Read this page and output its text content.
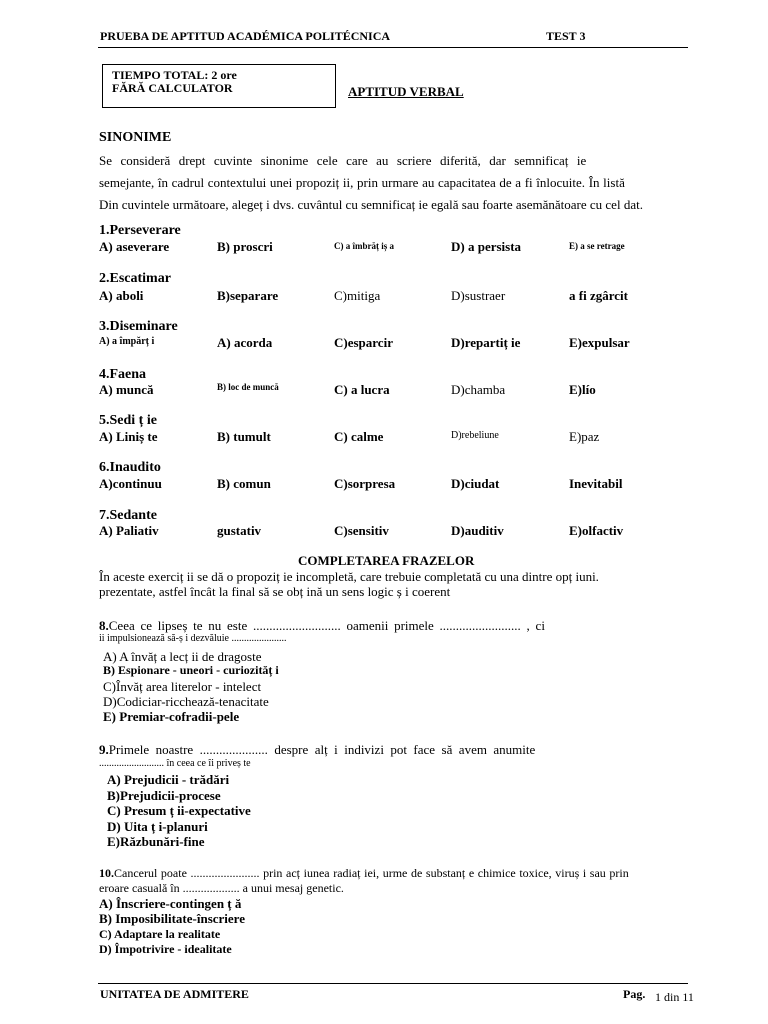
PRUEBA DE APTITUD ACADÉMICA POLITÉCNICA	TEST 3
TIEMPO TOTAL: 2 ore
FĂRĂ CALCULATOR	APTITUD VERBAL
SINONIME
Se consideră drept cuvinte sinonime cele care au scriere diferită, dar semnificaț ie
semejante, în cadrul contextului unei propoziț ii, prin urmare au capacitatea de a fi înlocuite. În listă
Din cuvintele următoare, alegeț i dvs. cuvântul cu semnificaț ie egală sau foarte asemănătoare cu cel dat.
1.Perseverare
A) aseverare	B) proscri	C) a îmbrăț iș a	D) a persista	E) a se retrage
2.Escatimar
A) aboli	B)separare	C)mitiga	D)sustraer	a fi zgârcit
3.Diseminare
A) a împărț i	A) acorda	C)esparcir	D)repartiț ie	E)expulsar
4.Faena
A) muncă	B) loc de muncă	C) a lucra	D)chamba	E)lío
5.Sedi ț ie
A) Liniș te	B) tumult	C) calme	D)rebeliune	E)paz
6.Inaudito
A)continuu	B) comun	C)sorpresa	D)ciudat	Inevitabil
7.Sedante
A) Paliativ	gustativ	C)sensitiv	D)auditiv	E)olfactiv
COMPLETAREA FRAZELOR
În aceste exerciț ii se dă o propoziț ie incompletă, care trebuie completată cu una dintre opț iuni.
prezentate, astfel încât la final să se obț ină un sens logic ș i coerent
8.Ceea ce lipseș te nu este ........................... oamenii primele ......................... , ci
ii impulsionează să-ș i dezvăluie ......................
A) A învăț a lecț ii de dragoste
B) Espionare - uneori - curiozităț i
C)Învăț area literelor - intelect
D)Codiciar-ricchează-tenacitate
E) Premiar-cofradii-pele
9.Primele noastre ..................... despre alț i indivizi pot face să avem anumite
.......................... în ceea ce îi priveș te
A) Prejudicii - trădări
B)Prejudicii-procese
C) Presum ț ii-expectative
D) Uita ț i-planuri
E)Răzbunări-fine
10.Cancerul poate ....................... prin acț iunea radiaț iei, urme de substanț e chimice toxice, viruș i sau prin
eroare casuală în ................... a unui mesaj genetic.
A) Înscriere-contingen ț ă
B) Imposibilitate-înscriere
C) Adaptare la realitate
D) Împotrivire - idealitate
UNITATEA DE ADMITERE	Pag. 1 din 11
